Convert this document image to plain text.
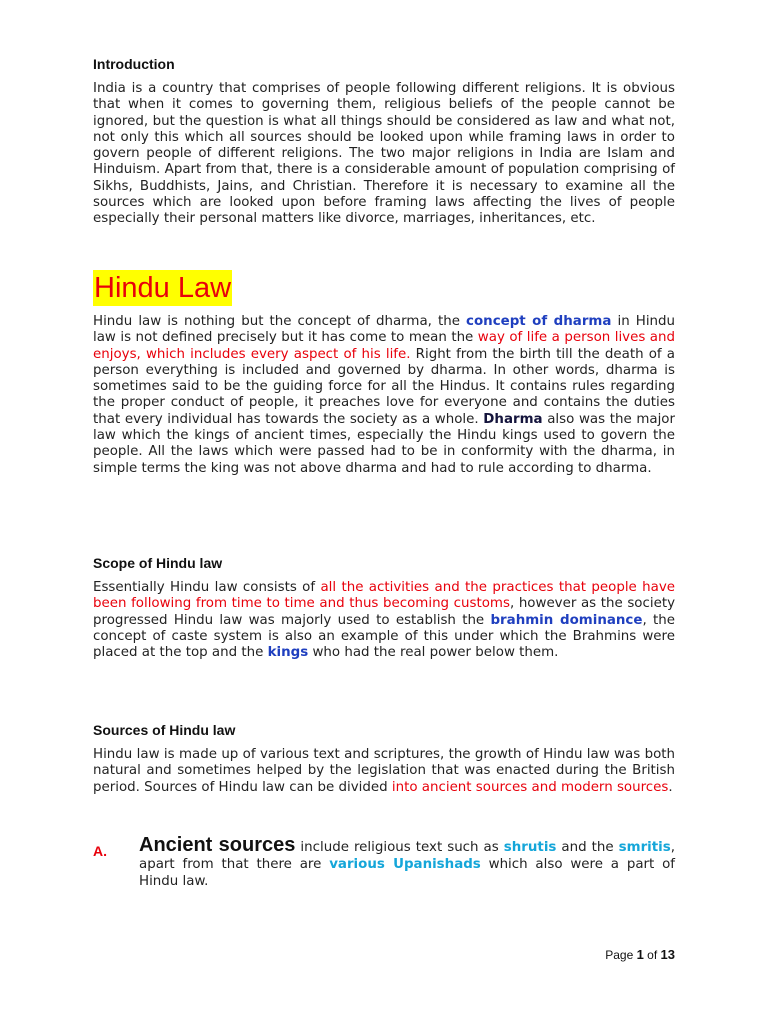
Introduction
India is a country that comprises of people following different religions. It is obvious that when it comes to governing them, religious beliefs of the people cannot be ignored, but the question is what all things should be considered as law and what not, not only this which all sources should be looked upon while framing laws in order to govern people of different religions. The two major religions in India are Islam and Hinduism. Apart from that, there is a considerable amount of population comprising of Sikhs, Buddhists, Jains, and Christian. Therefore it is necessary to examine all the sources which are looked upon before framing laws affecting the lives of people especially their personal matters like divorce, marriages, inheritances, etc.
Hindu Law
Hindu law is nothing but the concept of dharma, the concept of dharma in Hindu law is not defined precisely but it has come to mean the way of life a person lives and enjoys, which includes every aspect of his life. Right from the birth till the death of a person everything is included and governed by dharma. In other words, dharma is sometimes said to be the guiding force for all the Hindus. It contains rules regarding the proper conduct of people, it preaches love for everyone and contains the duties that every individual has towards the society as a whole. Dharma also was the major law which the kings of ancient times, especially the Hindu kings used to govern the people. All the laws which were passed had to be in conformity with the dharma, in simple terms the king was not above dharma and had to rule according to dharma.
Scope of Hindu law
Essentially Hindu law consists of all the activities and the practices that people have been following from time to time and thus becoming customs, however as the society progressed Hindu law was majorly used to establish the brahmin dominance, the concept of caste system is also an example of this under which the Brahmins were placed at the top and the kings who had the real power below them.
Sources of Hindu law
Hindu law is made up of various text and scriptures, the growth of Hindu law was both natural and sometimes helped by the legislation that was enacted during the British period. Sources of Hindu law can be divided into ancient sources and modern sources.
A.	Ancient sources include religious text such as shrutis and the smritis, apart from that there are various Upanishads which also were a part of Hindu law.
Page 1 of 13
